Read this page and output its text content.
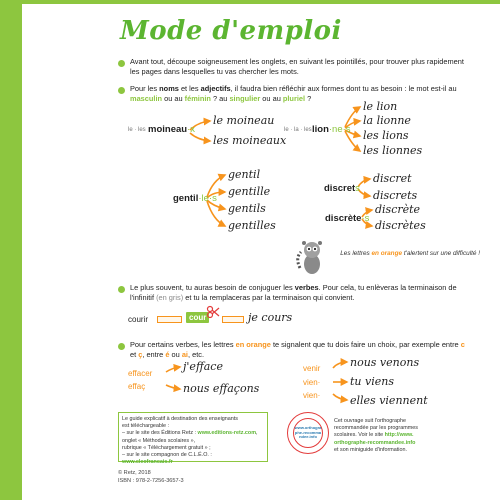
Mode d'emploi
Avant tout, découpe soigneusement les onglets, en suivant les pointillés, pour trouver plus rapidement les pages dans lesquelles tu vas chercher les mots.
Pour les noms et les adjectifs, il faudra bien réfléchir aux formes dont tu as besoin : le mot est-il au masculin ou au féminin ? au singulier ou au pluriel ?
le · les moineau·x
le moineau
les moineaux
le · la · les lion·ne·s
le lion
la lionne
les lions
les lionnes
gentil·le·s
gentil
gentille
gentils
gentilles
discrets
discret
discrets
discrète·s
discrète
discrètes
Les lettres en orange t'alertent sur une difficulté !
Le plus souvent, tu auras besoin de conjuguer les verbes. Pour cela, tu enlèveras la terminaison de l'infinitif (en gris) et tu la remplaceras par la terminaison qui convient.
courir	cour	je cours
Pour certains verbes, les lettres en orange te signalent que tu dois faire un choix, par exemple entre c et ç, entre é ou ai, etc.
effacer
effaç
j'efface
nous effaçons
venir
vien·
vien·
nous venons
tu viens
elles viennent
Le guide explicatif à destination des enseignants
est téléchargeable :
– sur le site des Éditions Retz : www.editions-retz.com,
onglet « Méthodes scolaires »,
rubrique « Téléchargement gratuit » ;
– sur le site compagnon de C.L.É.O. : www.cleofrancais.fr
www.orthographe-recommandee.info
Cet ouvrage suit l'orthographe
recommandée par les programmes
scolaires. Voir le site http://www.
orthographe-recommandee.info
et son miniguide d'information.
© Retz, 2018
ISBN : 978-2-7256-3657-3
